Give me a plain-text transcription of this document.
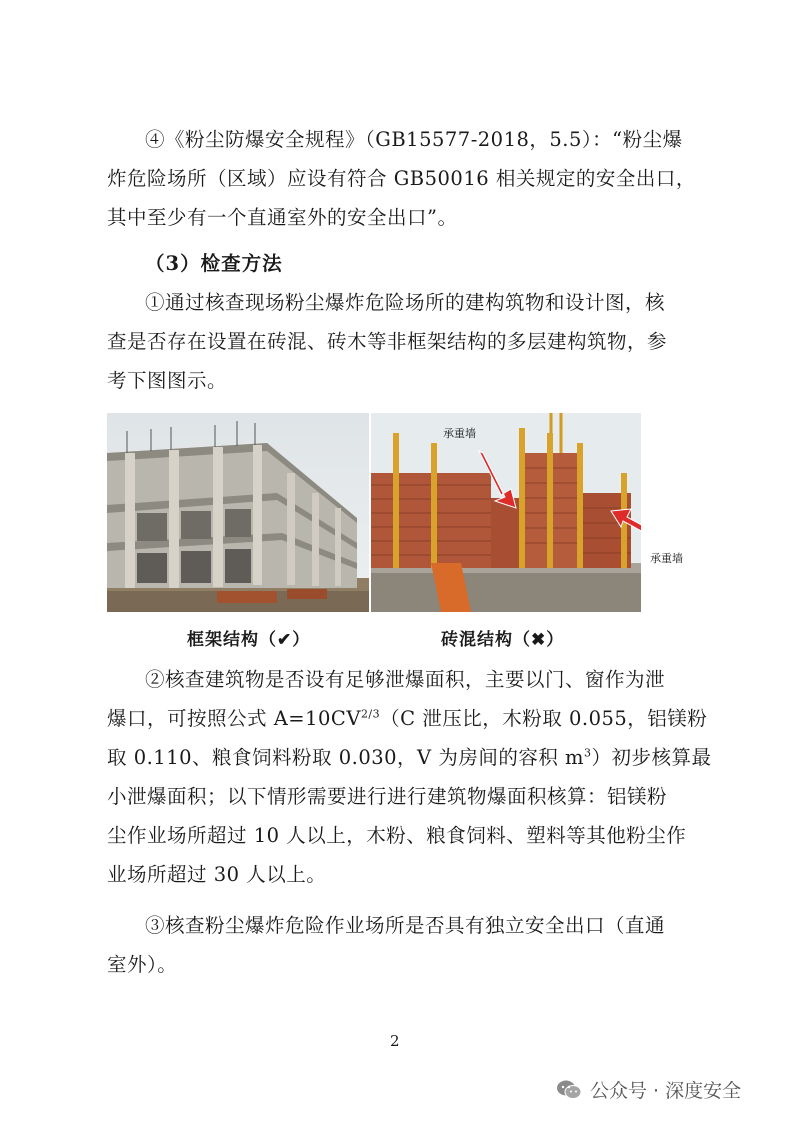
④《粉尘防爆安全规程》（GB15577-2018，5.5）：“粉尘爆
炸危险场所（区域）应设有符合 GB50016 相关规定的安全出口，
其中至少有一个直通室外的安全出口”。
（3）检查方法
①通过核查现场粉尘爆炸危险场所的建构筑物和设计图，核
查是否存在设置在砖混、砖木等非框架结构的多层建构筑物，参
考下图图示。
承重墙
承重墙
框架结构（✔）	砖混结构（✖）
②核查建筑物是否设有足够泄爆面积，主要以门、窗作为泄
爆口，可按照公式 $A=10CV^{2/3}(C$ 泄压比，木粉取 0.055，铝镁粉
取 0.110、粮食饲料粉取 0.030，V 为房间的容积 $m^3$）初步核算最
小泄爆面积；以下情形需要进行进行建筑物爆面积核算：铝镁粉
尘作业场所超过 10 人以上，木粉、粮食饲料、塑料等其他粉尘作
业场所超过 30 人以上。
③核查粉尘爆炸危险作业场所是否具有独立安全出口（直通
室外）。
2
公众号 · 深度安全
